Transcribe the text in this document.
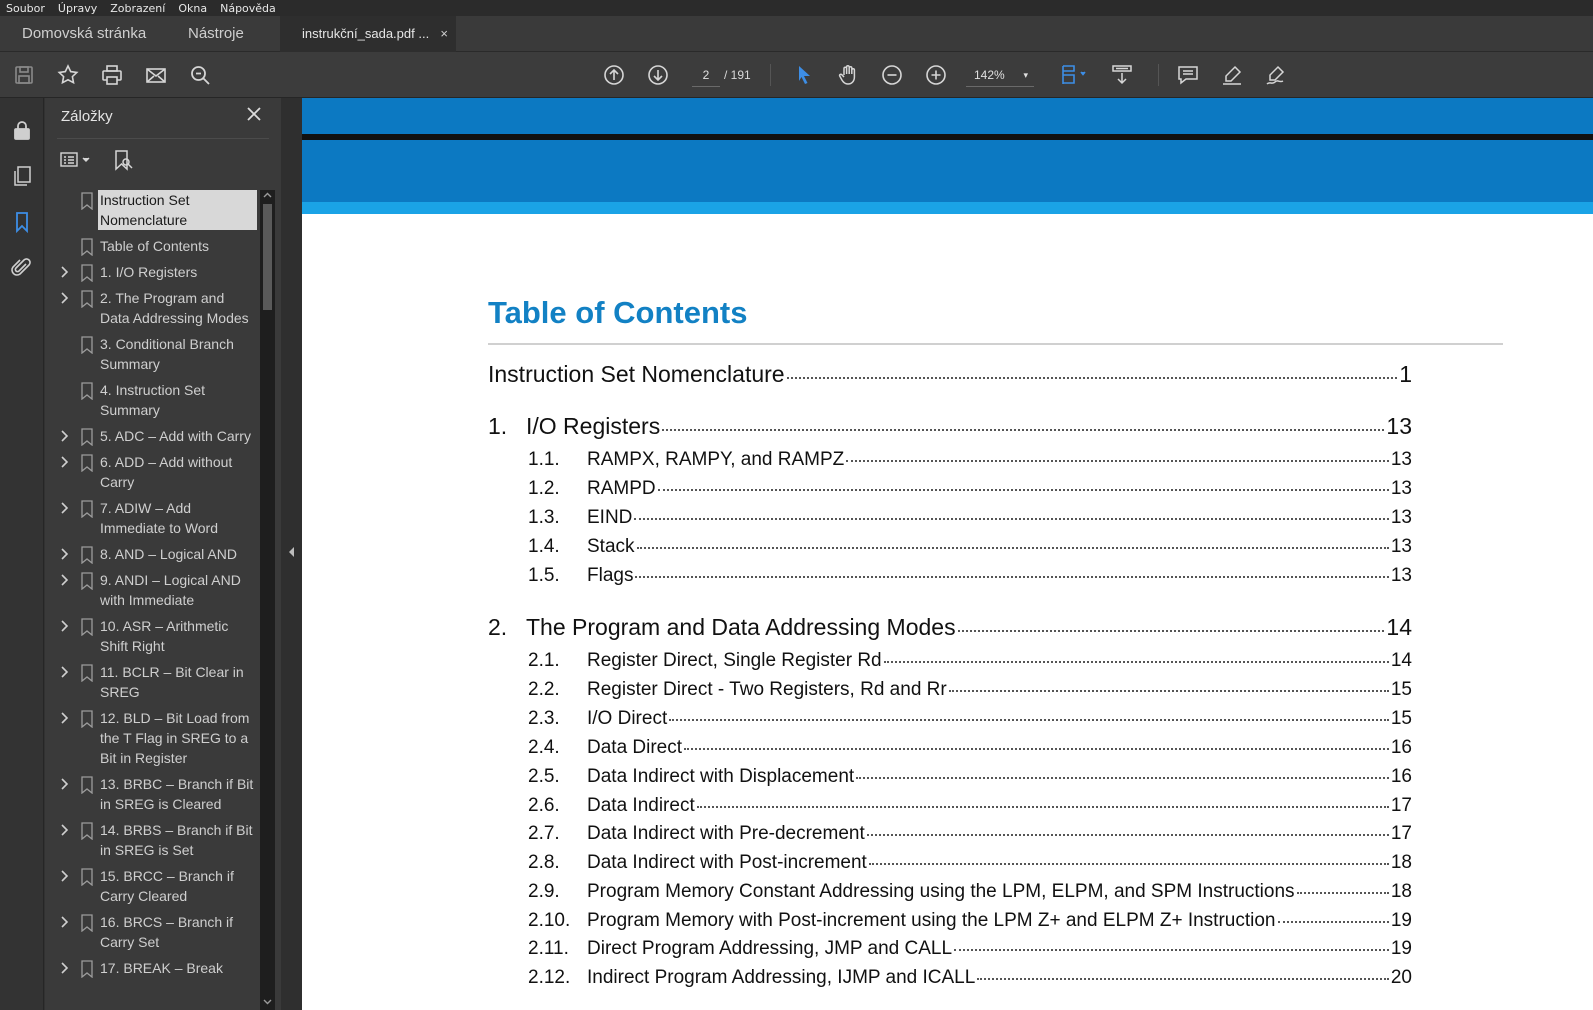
Soubor Úpravy Zobrazení Okna Nápověda
Domovská stránka	Nástroje	instrukční_sada.pdf ... ×
2
/ 191	142% ▾
Záložky
Instruction Set Nomenclature
Table of Contents
1. I/O Registers
2. The Program and Data Addressing Modes
3. Conditional Branch Summary
4. Instruction Set Summary
5. ADC – Add with Carry
6. ADD – Add without Carry
7. ADIW – Add Immediate to Word
8. AND – Logical AND
9. ANDI – Logical AND with Immediate
10. ASR – Arithmetic Shift Right
11. BCLR – Bit Clear in SREG
12. BLD – Bit Load from the T Flag in SREG to a Bit in Register
13. BRBC – Branch if Bit in SREG is Cleared
14. BRBS – Branch if Bit in SREG is Set
15. BRCC – Branch if Carry Cleared
16. BRCS – Branch if Carry Set
17. BREAK – Break
Table of Contents
Instruction Set Nomenclature	1
1. I/O Registers	13
1.1.	RAMPX, RAMPY, and RAMPZ	13
1.2.	RAMPD	13
1.3.	EIND	13
1.4.	Stack	13
1.5.	Flags	13
2. The Program and Data Addressing Modes	14
2.1.	Register Direct, Single Register Rd	14
2.2.	Register Direct - Two Registers, Rd and Rr	15
2.3.	I/O Direct	15
2.4.	Data Direct	16
2.5.	Data Indirect with Displacement	16
2.6.	Data Indirect	17
2.7.	Data Indirect with Pre-decrement	17
2.8.	Data Indirect with Post-increment	18
2.9.	Program Memory Constant Addressing using the LPM, ELPM, and SPM Instructions	18
2.10. Program Memory with Post-increment using the LPM Z+ and ELPM Z+ Instruction	19
2.11. Direct Program Addressing, JMP and CALL	19
2.12. Indirect Program Addressing, IJMP and ICALL	20
